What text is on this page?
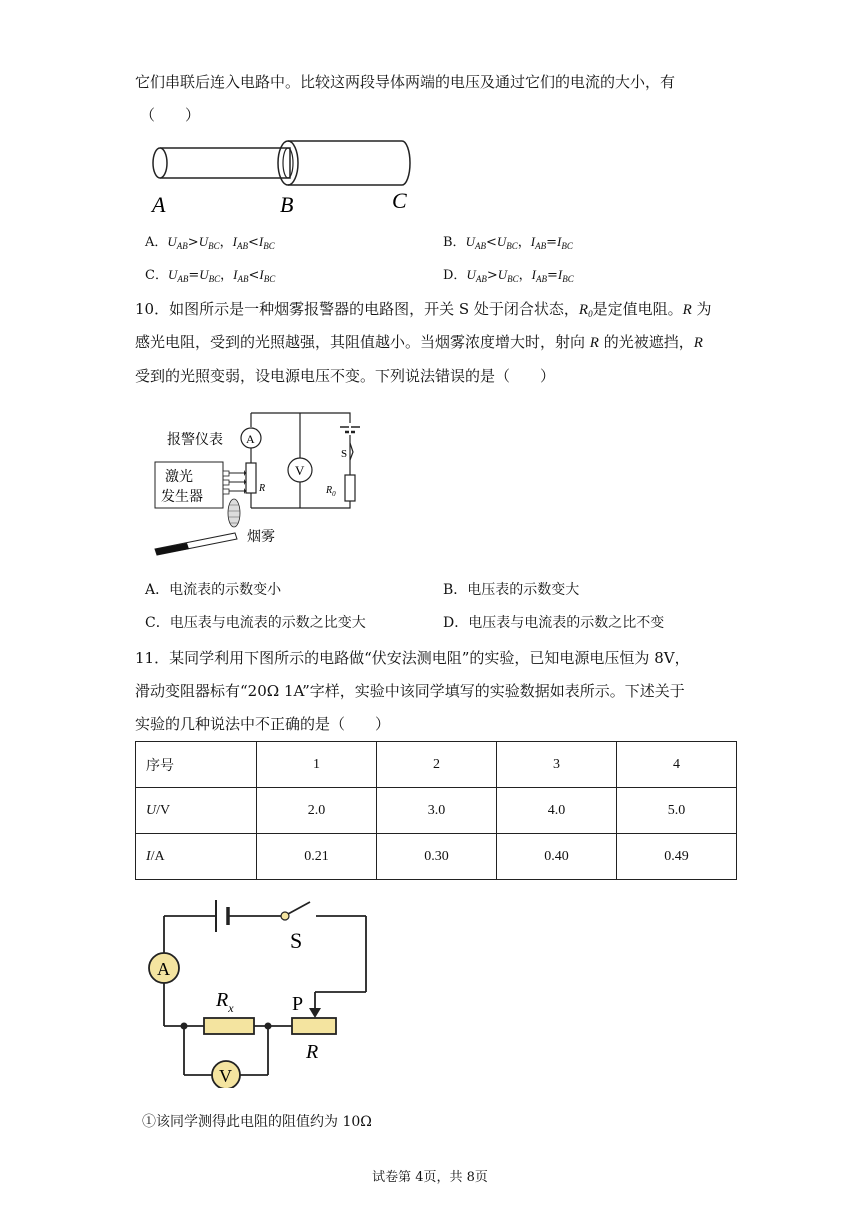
它们串联后连入电路中。比较这两段导体两端的电压及通过它们的电流的大小，有
（　　）
A	B	C
A．$U_{AB}>U_{BC}$，$I_{AB}<I_{BC}$	B．$U_{AB}<U_{BC}$，$I_{AB}=I_{BC}$
C．$U_{AB}=U_{BC}$，$I_{AB}<I_{BC}$	D．$U_{AB}>U_{BC}$，$I_{AB}=I_{BC}$
10．如图所示是一种烟雾报警器的电路图，开关 S 处于闭合状态，$R_0$是定值电阻。R 为
感光电阻，受到的光照越强，其阻值越小。当烟雾浓度增大时，射向 R 的光被遮挡，R
受到的光照变弱，设电源电压不变。下列说法错误的是（　　）
V
A
R
S
$R_0$
报警仪表
激光
发生器
烟雾
A．电流表的示数变小	B．电压表的示数变大
C．电压表与电流表的示数之比变大	D．电压表与电流表的示数之比不变
11．某同学利用下图所示的电路做“伏安法测电阻”的实验，已知电源电压恒为 8V，
滑动变阻器标有“20Ω 1A”字样，实验中该同学填写的实验数据如表所示。下述关于
实验的几种说法中不正确的是（　　）
序号	1	2	3	4
U/V	2.0	3.0	4.0	5.0
I/A	0.21	0.30	0.40	0.49
S
P
A
$R_x$
R
V
①该同学测得此电阻的阻值约为 10Ω
试卷第 4页，共 8页
